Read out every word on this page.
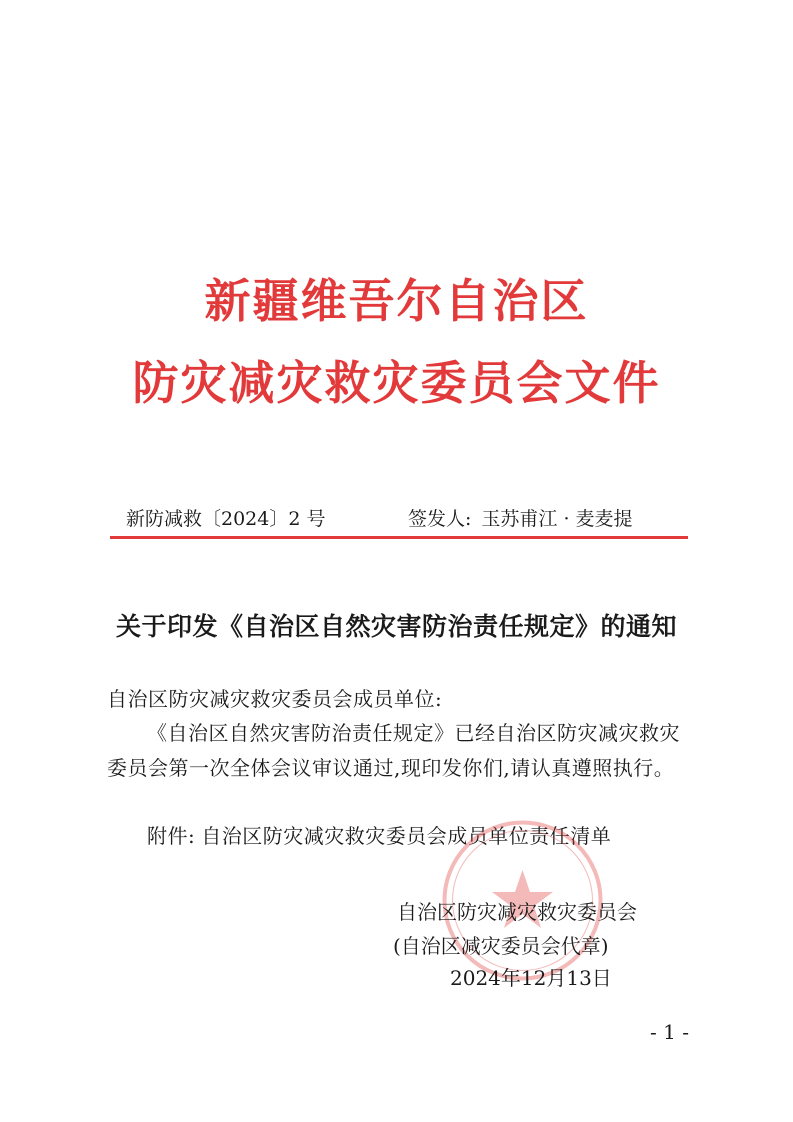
新疆维吾尔自治区
防灾减灾救灾委员会文件
新防减救〔2024〕2 号	签发人: 玉苏甫江 · 麦麦提
关于印发《自治区自然灾害防治责任规定》的通知
自治区防灾减灾救灾委员会成员单位:
《自治区自然灾害防治责任规定》已经自治区防灾减灾救灾
委员会第一次全体会议审议通过,现印发你们,请认真遵照执行。
附件: 自治区防灾减灾救灾委员会成员单位责任清单
自治区防灾减灾救灾委员会
(自治区减灾委员会代章)
2024年12月13日
- 1 -
